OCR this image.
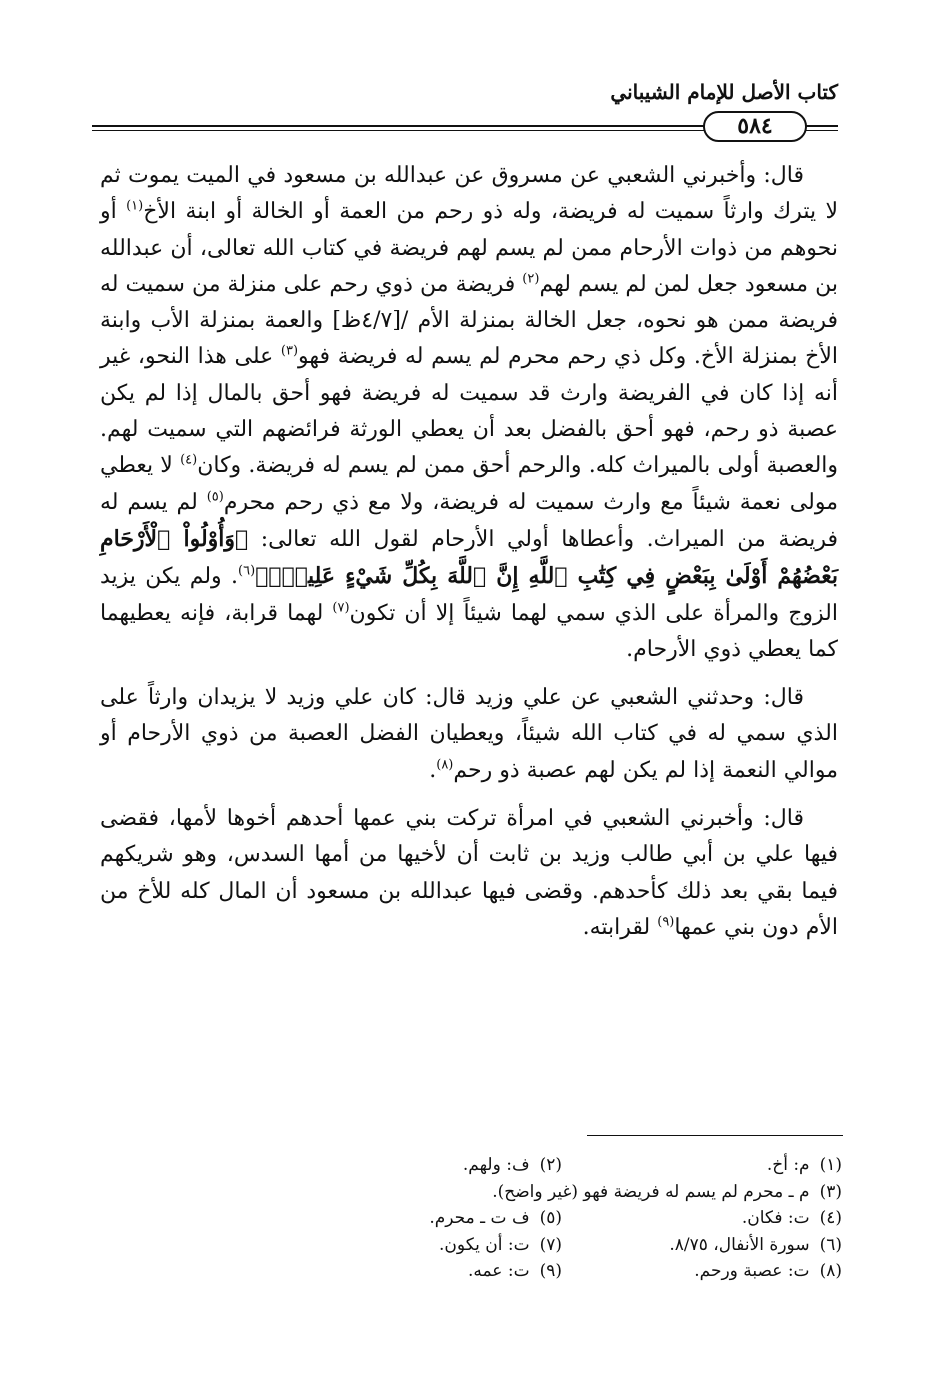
كتاب الأصل للإمام الشيباني
٥٨٤

قال: وأخبرني الشعبي عن مسروق عن عبدالله بن مسعود في الميت يموت ثم لا يترك وارثاً سميت له فريضة، وله ذو رحم من العمة أو الخالة أو ابنة الأخ$^{(١)}$ أو نحوهم من ذوات الأرحام ممن لم يسم لهم فريضة في كتاب الله تعالى، أن عبدالله بن مسعود جعل لمن لم يسم لهم$^{(٢)}$ فريضة من ذوي رحم على منزلة من سميت له فريضة ممن هو نحوه، جعل الخالة بمنزلة الأم /[٤/٧ظ] والعمة بمنزلة الأب وابنة الأخ بمنزلة الأخ. وكل ذي رحم محرم لم يسم له فريضة فهو$^{(٣)}$ على هذا النحو، غير أنه إذا كان في الفريضة وارث قد سميت له فريضة فهو أحق بالمال إذا لم يكن عصبة ذو رحم، فهو أحق بالفضل بعد أن يعطي الورثة فرائضهم التي سميت لهم. والعصبة أولى بالميراث كله. والرحم أحق ممن لم يسم له فريضة. وكان$^{(٤)}$ لا يعطي مولى نعمة شيئاً مع وارث سميت له فريضة، ولا مع ذي رحم محرم$^{(٥)}$ لم يسم له فريضة من الميراث. وأعطاها أولي الأرحام لقول الله تعالى: ﴿وَأُوْلُواْ ٱلْأَرْحَامِ بَعْضُهُمْ أَوْلَىٰ بِبَعْضٍ فِي كِتَٰبِ ٱللَّهِ إِنَّ ٱللَّهَ بِكُلِّ شَيْءٍ عَلِيمُۢ﴾$^{(٦)}$. ولم يكن يزيد الزوج والمرأة على الذي سمي لهما شيئاً إلا أن تكون$^{(٧)}$ لهما قرابة، فإنه يعطيهما كما يعطي ذوي الأرحام.

قال: وحدثني الشعبي عن علي وزيد قال: كان علي وزيد لا يزيدان وارثاً على الذي سمي له في كتاب الله شيئاً، ويعطيان الفضل العصبة من ذوي الأرحام أو موالي النعمة إذا لم يكن لهم عصبة ذو رحم$^{(٨)}$.

قال: وأخبرني الشعبي في امرأة تركت بني عمها أحدهم أخوها لأمها، فقضى فيها علي بن أبي طالب وزيد بن ثابت أن لأخيها من أمها السدس، وهو شريكهم فيما بقي بعد ذلك كأحدهم. وقضى فيها عبدالله بن مسعود أن المال كله للأخ من الأم دون بني عمها$^{(٩)}$ لقرابته.

(١)م: أخ.(٢)ف: ولهم.
(٣)م ـ محرم لم يسم له فريضة فهو (غير واضح).
(٤)ت: فكان.(٥)ف ت ـ محرم.
(٦)سورة الأنفال، ٨/٧٥.(٧)ت: أن يكون.
(٨)ت: عصبة ورحم.(٩)ت: عمه.
